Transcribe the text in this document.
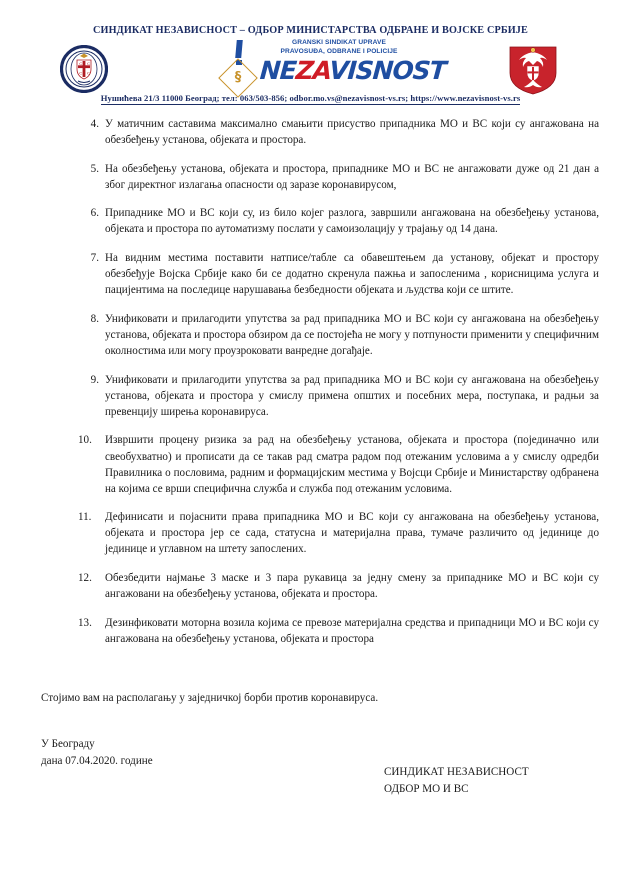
СИНДИКАТ НЕЗАВИСНОСТ – ОДБОР МИНИСТАРСТВА ОДБРАНЕ И ВОЈСКЕ СРБИЈЕ
C C
C C
GRANSKI SINDIKAT UPRAVE
PRAVOSUĐA, ODBRANE I POLICIJE
§ NEZAVISNOST
Нушићева 21/3 11000 Београд; тел: 063/503-856; odbor.mo.vs@nezavisnost-vs.rs; https://www.nezavisnost-vs.rs
4. У матичним саставима максимално смањити присуство припадника МО и ВС који су ангажована на обезбеђењу установа, објеката и простора.
5. На обезбеђењу установа, објеката и простора, припаднике МО и ВС не ангажовати дуже од 21 дан а због директног излагања опасности од заразе коронавирусом,
6. Припаднике МО и ВС који су, из било којег разлога, завршили ангажована на обезбеђењу установа, објеката и простора по аутоматизму послати у самоизолацију у трајању од 14 дана.
7. На видним местима поставити натписе/табле са обавештењем да установу, објекат и простору обезбеђује Војска Србије како би се додатно скренула пажња и запосленима , корисницима услуга и пацијентима на последице нарушавања безбедности објеката и људства који се штите.
8. Унификовати и прилагодити упутства за рад припадника МО и ВС који су ангажована на обезбеђењу установа, објеката и простора обзиром да се постојећа не могу у потпуности применити у специфичним околностима или могу проузроковати ванредне догађаје.
9. Унификовати и прилагодити упутства за рад припадника МО и ВС који су ангажована на обезбеђењу установа, објеката и простора у смислу примена општих и посебних мера, поступака, и радњи за превенцију ширења коронавируса.
10.	Извршити процену ризика за рад на обезбеђењу установа, објеката и простора (појединачно или свеобухватно) и прописати да се такав рад сматра радом под отежаним условима а у смислу одредби Правилника о пословима, радним и формацијским местима у Војсци Србије и Министарству одбранена на којима се врши специфична служба и служба под отежаним условима.
11.	Дефинисати и појаснити права припадника МО и ВС који су ангажована на обезбеђењу установа, објеката и простора јер се сада, статусна и материјална права, тумаче различито од јединице до јединице и углавном на штету запослених.
12.	Обезбедити најмање 3 маске и 3 пара рукавица за једну смену за припаднике МО и ВС који су ангажовани на обезбеђењу установа, објеката и простора.
13.	Дезинфиковати моторна возила којима се превозе материјална средства и припадници МО и ВС који су ангажована на обезбеђењу установа, објеката и простора
Стојимо вам на располагању у заједничкој борби против коронавируса.
У Београду
дана 07.04.2020. године
СИНДИКАТ НЕЗАВИСНОСТ
ОДБОР МО И ВС
